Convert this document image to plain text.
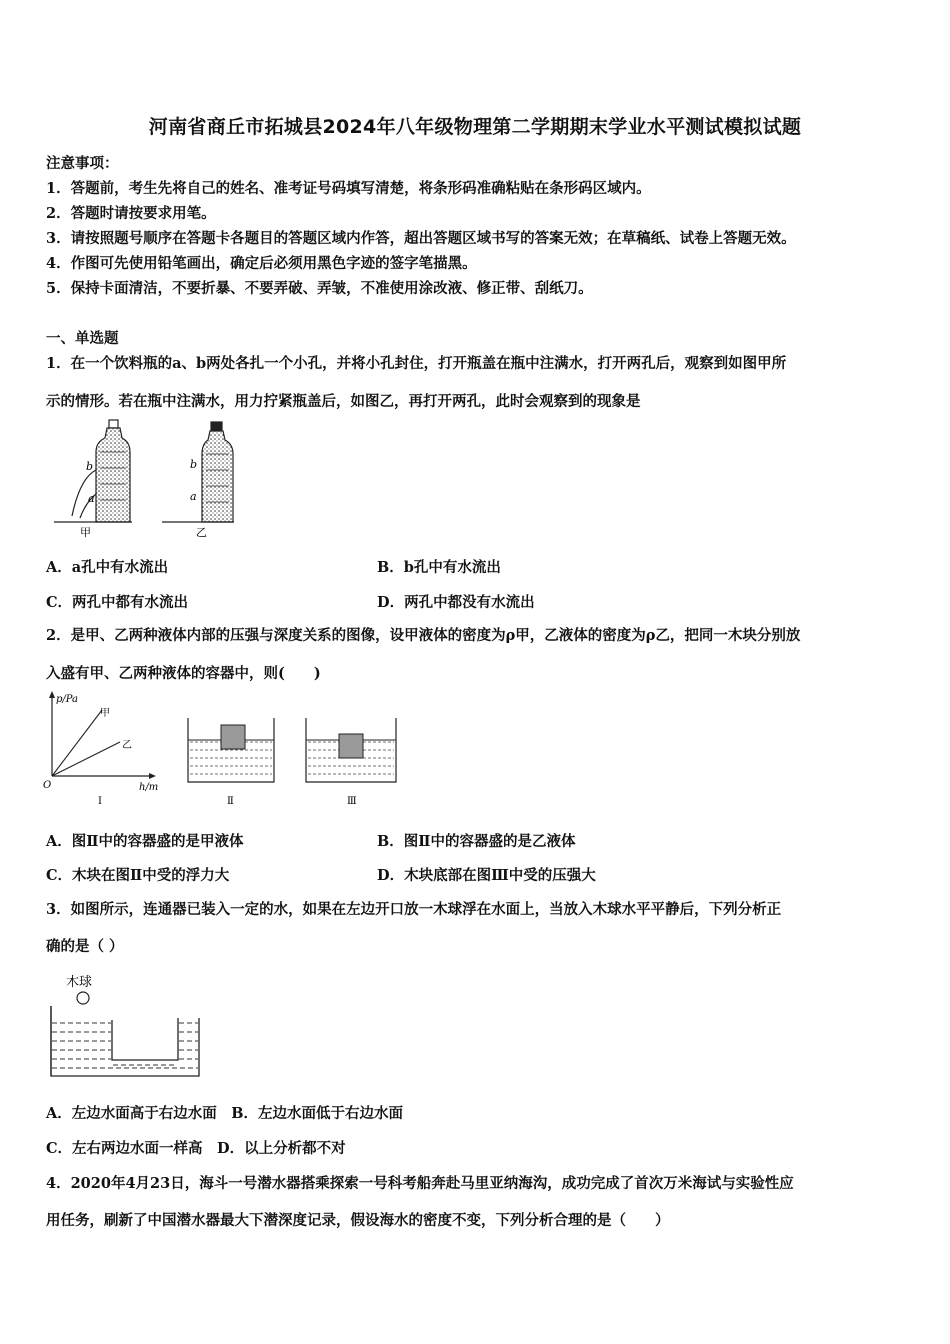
河南省商丘市拓城县2024年八年级物理第二学期期末学业水平测试模拟试题
注意事项：
1．答题前，考生先将自己的姓名、准考证号码填写清楚，将条形码准确粘贴在条形码区域内。
2．答题时请按要求用笔。
3．请按照题号顺序在答题卡各题目的答题区域内作答，超出答题区域书写的答案无效；在草稿纸、试卷上答题无效。
4．作图可先使用铅笔画出，确定后必须用黑色字迹的签字笔描黑。
5．保持卡面清洁，不要折暴、不要弄破、弄皱，不准使用涂改液、修正带、刮纸刀。
一、单选题
1．在一个饮料瓶的a、b两处各扎一个小孔，并将小孔封住，打开瓶盖在瓶中注满水，打开两孔后，观察到如图甲所
示的情形。若在瓶中注满水，用力拧紧瓶盖后，如图乙，再打开两孔，此时会观察到的现象是
b
a
甲
b
a
乙
A．a孔中有水流出	B．b孔中有水流出
C．两孔中都有水流出	D．两孔中都没有水流出
2．是甲、乙两种液体内部的压强与深度关系的图像，设甲液体的密度为ρ甲，乙液体的密度为ρ乙，把同一木块分别放
入盛有甲、乙两种液体的容器中，则(　　)
p/Pa
h/m
O
甲
乙
Ⅰ	Ⅱ	Ⅲ
A．图Ⅱ中的容器盛的是甲液体	B．图Ⅱ中的容器盛的是乙液体
C．木块在图Ⅱ中受的浮力大	D．木块底部在图Ⅲ中受的压强大
3．如图所示，连通器已装入一定的水，如果在左边开口放一木球浮在水面上，当放入木球水平平静后，下列分析正
确的是（ ）
木球
A．左边水面高于右边水面　B．左边水面低于右边水面
C．左右两边水面一样高　D．以上分析都不对
4．2020年4月23日，海斗一号潜水器搭乘探索一号科考船奔赴马里亚纳海沟，成功完成了首次万米海试与实验性应
用任务，刷新了中国潜水器最大下潜深度记录，假设海水的密度不变，下列分析合理的是（　　）
